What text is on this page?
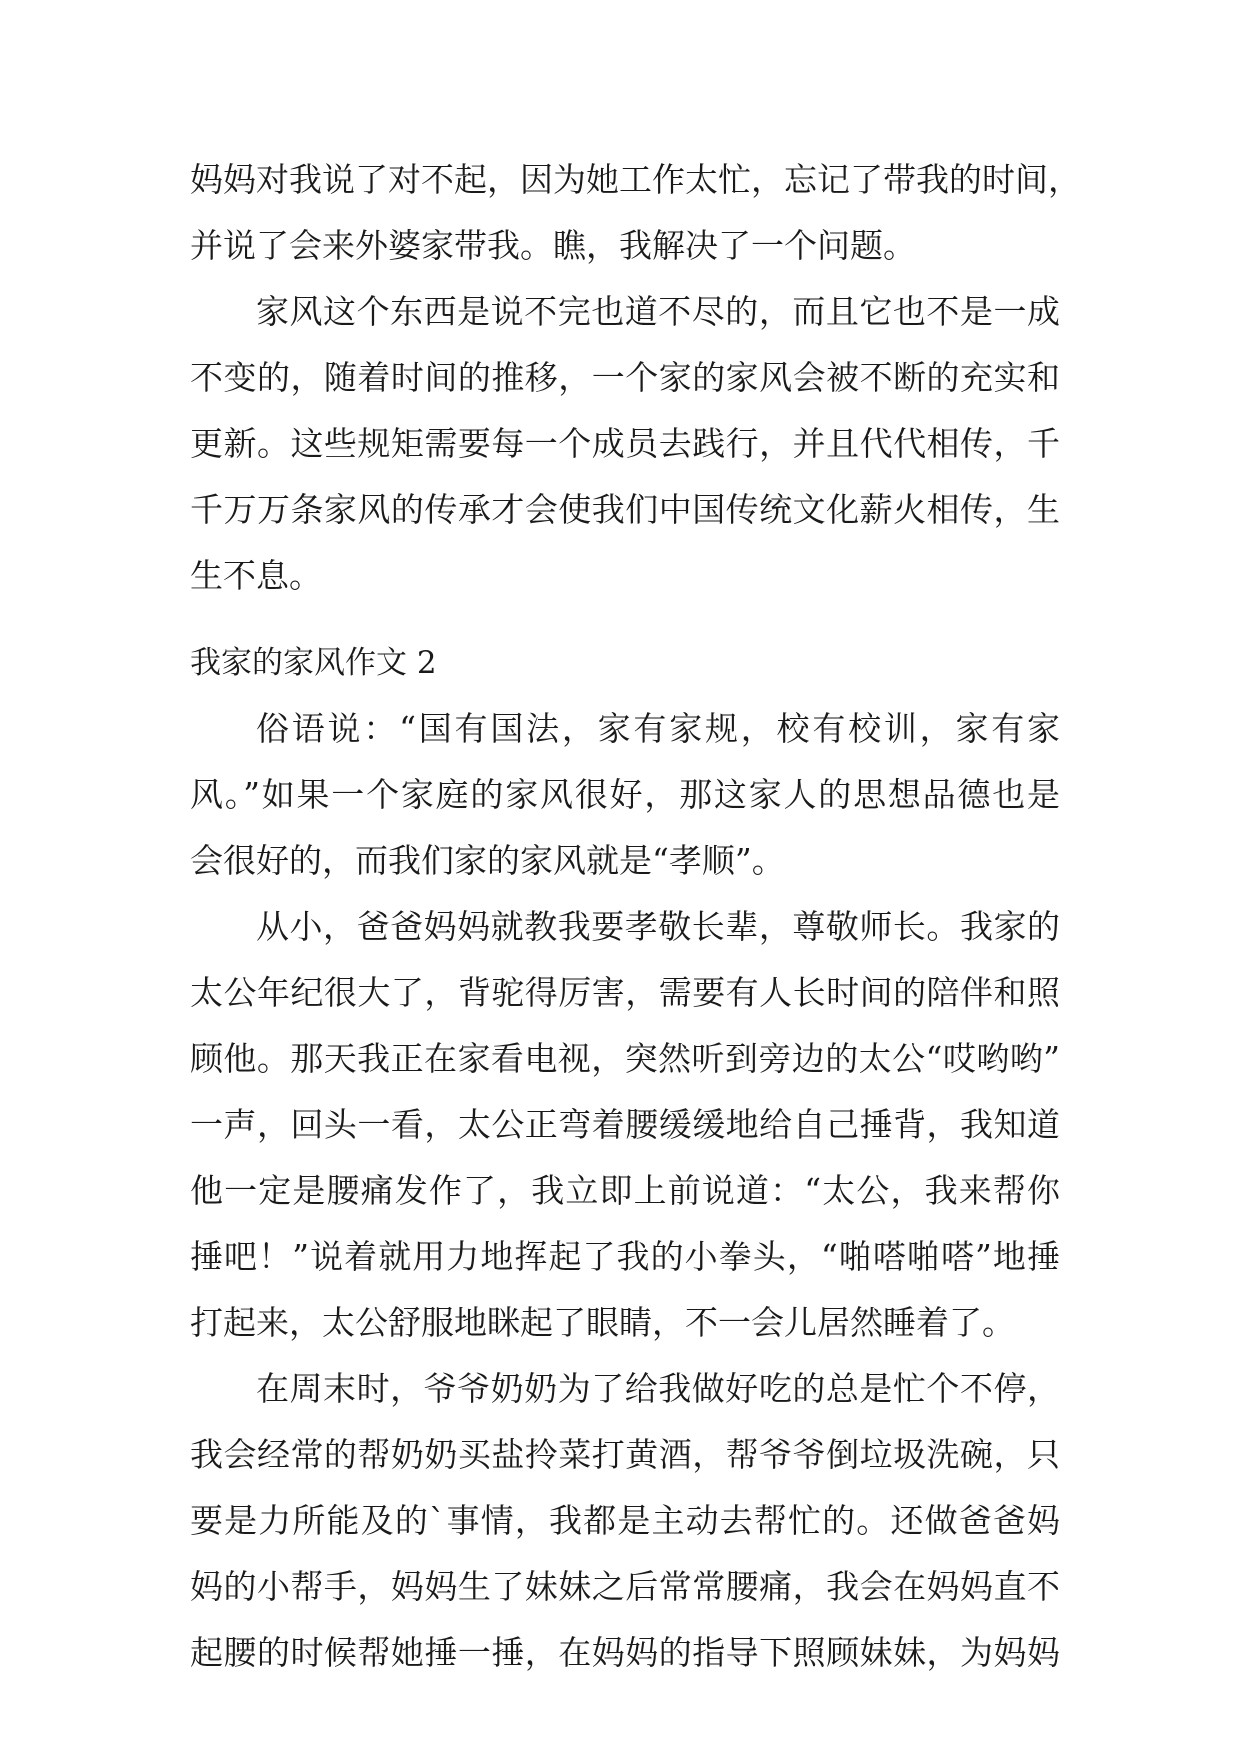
妈妈对我说了对不起，因为她工作太忙，忘记了带我的时间，
并说了会来外婆家带我。瞧，我解决了一个问题。
家风这个东西是说不完也道不尽的，而且它也不是一成
不变的，随着时间的推移，一个家的家风会被不断的充实和
更新。这些规矩需要每一个成员去践行，并且代代相传，千
千万万条家风的传承才会使我们中国传统文化薪火相传，生
生不息。
我家的家风作文 2
俗语说：“国有国法，家有家规，校有校训，家有家
风。”如果一个家庭的家风很好，那这家人的思想品德也是
会很好的，而我们家的家风就是“孝顺”。
从小，爸爸妈妈就教我要孝敬长辈，尊敬师长。我家的
太公年纪很大了，背驼得厉害，需要有人长时间的陪伴和照
顾他。那天我正在家看电视，突然听到旁边的太公“哎哟哟”
一声，回头一看，太公正弯着腰缓缓地给自己捶背，我知道
他一定是腰痛发作了，我立即上前说道：“太公，我来帮你
捶吧！”说着就用力地挥起了我的小拳头，“啪嗒啪嗒”地捶
打起来，太公舒服地眯起了眼睛，不一会儿居然睡着了。
在周末时，爷爷奶奶为了给我做好吃的总是忙个不停，
我会经常的帮奶奶买盐拎菜打黄酒，帮爷爷倒垃圾洗碗，只
要是力所能及的`事情，我都是主动去帮忙的。还做爸爸妈
妈的小帮手，妈妈生了妹妹之后常常腰痛，我会在妈妈直不
起腰的时候帮她捶一捶，在妈妈的指导下照顾妹妹，为妈妈
